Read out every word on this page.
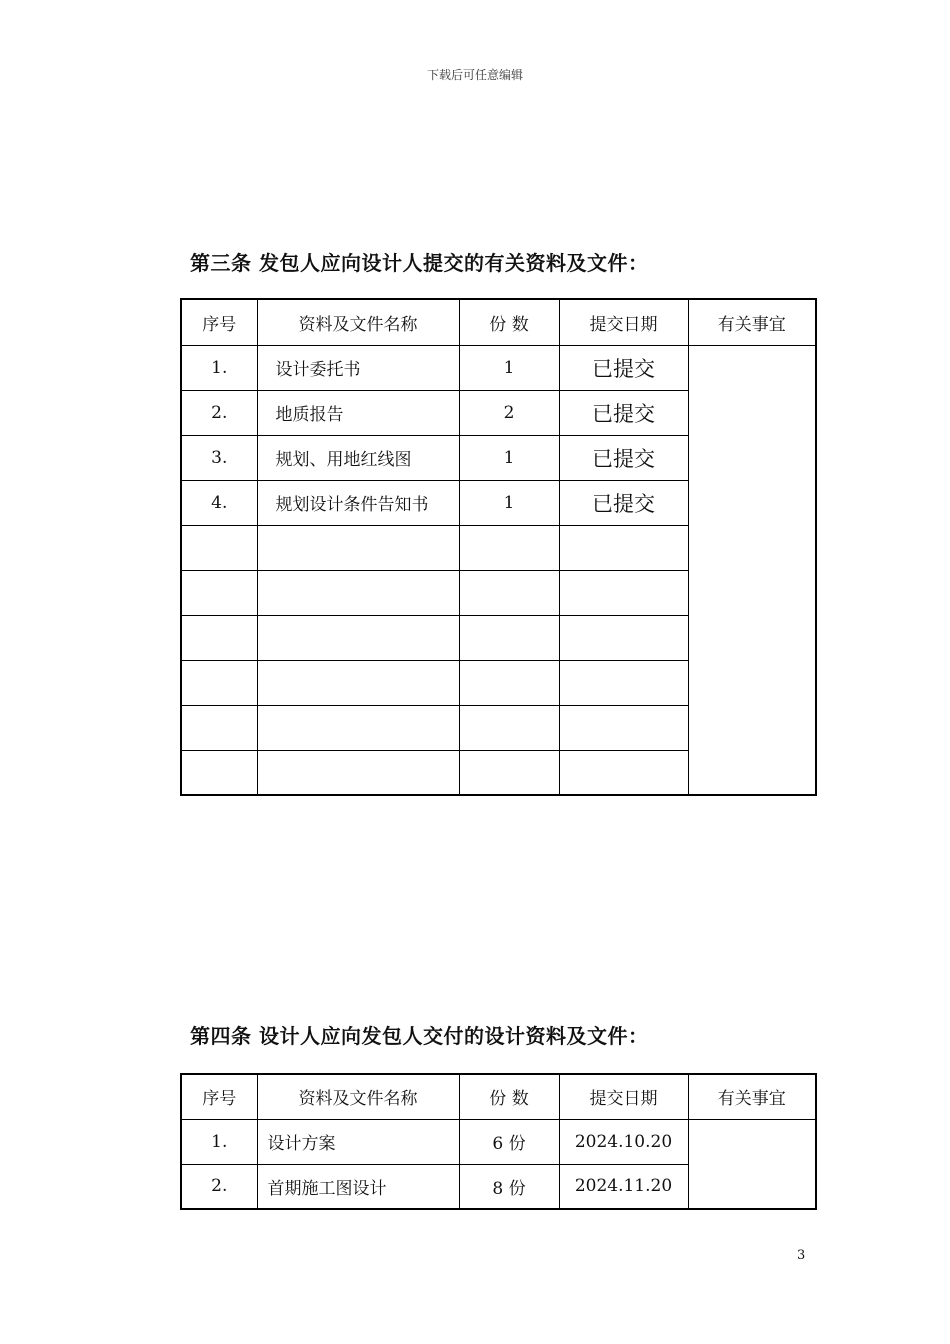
下载后可任意编辑
第三条 发包人应向设计人提交的有关资料及文件：
序号	资料及文件名称	份 数	提交日期	有关事宜
1.	设计委托书	1	已提交	
2.	地质报告	2	已提交	
3.	规划、用地红线图	1	已提交	
4.	规划设计条件告知书	1	已提交	

第四条 设计人应向发包人交付的设计资料及文件：
序号	资料及文件名称	份 数	提交日期	有关事宜
1.	设计方案	6 份	2024.10.20	
2.	首期施工图设计	8 份	2024.11.20	
3
